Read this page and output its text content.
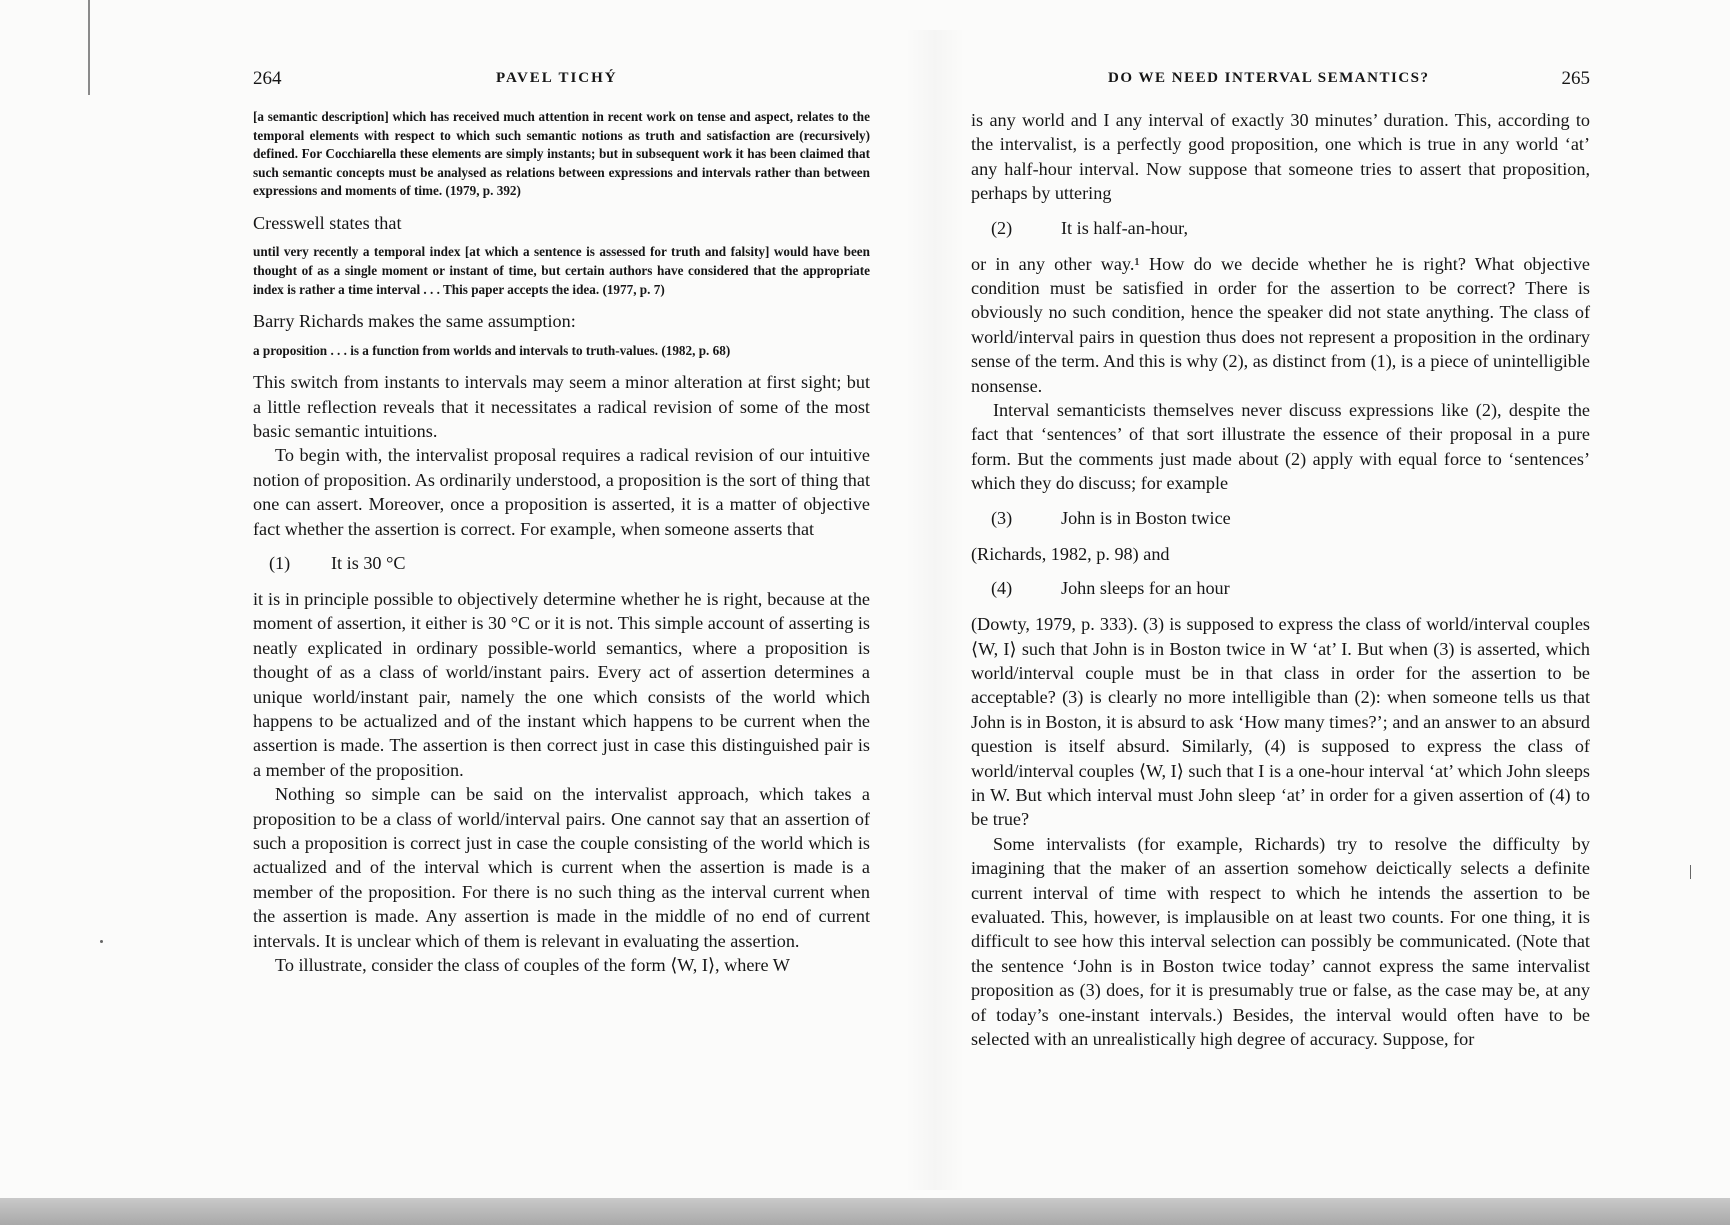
264	PAVEL TICHÝ

[a semantic description] which has received much attention in recent work on tense and aspect, relates to the temporal elements with respect to which such semantic notions as truth and satisfaction are (recursively) defined. For Cocchiarella these elements are simply instants; but in subsequent work it has been claimed that such semantic concepts must be analysed as relations between expressions and intervals rather than between expressions and moments of time. (1979, p. 392)

Cresswell states that

until very recently a temporal index [at which a sentence is assessed for truth and falsity] would have been thought of as a single moment or instant of time, but certain authors have considered that the appropriate index is rather a time interval . . . This paper accepts the idea. (1977, p. 7)

Barry Richards makes the same assumption:

a proposition . . . is a function from worlds and intervals to truth-values. (1982, p. 68)

This switch from instants to intervals may seem a minor alteration at first sight; but a little reflection reveals that it necessitates a radical revision of some of the most basic semantic intuitions.

To begin with, the intervalist proposal requires a radical revision of our intuitive notion of proposition. As ordinarily understood, a proposition is the sort of thing that one can assert. Moreover, once a proposition is asserted, it is a matter of objective fact whether the assertion is correct. For example, when someone asserts that

(1)	It is 30 °C

it is in principle possible to objectively determine whether he is right, because at the moment of assertion, it either is 30 °C or it is not. This simple account of asserting is neatly explicated in ordinary possible-world semantics, where a proposition is thought of as a class of world/instant pairs. Every act of assertion determines a unique world/instant pair, namely the one which consists of the world which happens to be actualized and of the instant which happens to be current when the assertion is made. The assertion is then correct just in case this distinguished pair is a member of the proposition.

Nothing so simple can be said on the intervalist approach, which takes a proposition to be a class of world/interval pairs. One cannot say that an assertion of such a proposition is correct just in case the couple consisting of the world which is actualized and of the interval which is current when the assertion is made is a member of the proposition. For there is no such thing as the interval current when the assertion is made. Any assertion is made in the middle of no end of current intervals. It is unclear which of them is relevant in evaluating the assertion.

To illustrate, consider the class of couples of the form ⟨W, I⟩, where W

DO WE NEED INTERVAL SEMANTICS?	265

is any world and I any interval of exactly 30 minutes’ duration. This, according to the intervalist, is a perfectly good proposition, one which is true in any world ‘at’ any half-hour interval. Now suppose that someone tries to assert that proposition, perhaps by uttering

(2)	It is half-an-hour,

or in any other way.¹ How do we decide whether he is right? What objective condition must be satisfied in order for the assertion to be correct? There is obviously no such condition, hence the speaker did not state anything. The class of world/interval pairs in question thus does not represent a proposition in the ordinary sense of the term. And this is why (2), as distinct from (1), is a piece of unintelligible nonsense.

Interval semanticists themselves never discuss expressions like (2), despite the fact that ‘sentences’ of that sort illustrate the essence of their proposal in a pure form. But the comments just made about (2) apply with equal force to ‘sentences’ which they do discuss; for example

(3)	John is in Boston twice

(Richards, 1982, p. 98) and

(4)	John sleeps for an hour

(Dowty, 1979, p. 333). (3) is supposed to express the class of world/interval couples ⟨W, I⟩ such that John is in Boston twice in W ‘at’ I. But when (3) is asserted, which world/interval couple must be in that class in order for the assertion to be acceptable? (3) is clearly no more intelligible than (2): when someone tells us that John is in Boston, it is absurd to ask ‘How many times?’; and an answer to an absurd question is itself absurd. Similarly, (4) is supposed to express the class of world/interval couples ⟨W, I⟩ such that I is a one-hour interval ‘at’ which John sleeps in W. But which interval must John sleep ‘at’ in order for a given assertion of (4) to be true?

Some intervalists (for example, Richards) try to resolve the difficulty by imagining that the maker of an assertion somehow deictically selects a definite current interval of time with respect to which he intends the assertion to be evaluated. This, however, is implausible on at least two counts. For one thing, it is difficult to see how this interval selection can possibly be communicated. (Note that the sentence ‘John is in Boston twice today’ cannot express the same intervalist proposition as (3) does, for it is presumably true or false, as the case may be, at any of today’s one-instant intervals.) Besides, the interval would often have to be selected with an unrealistically high degree of accuracy. Suppose, for
